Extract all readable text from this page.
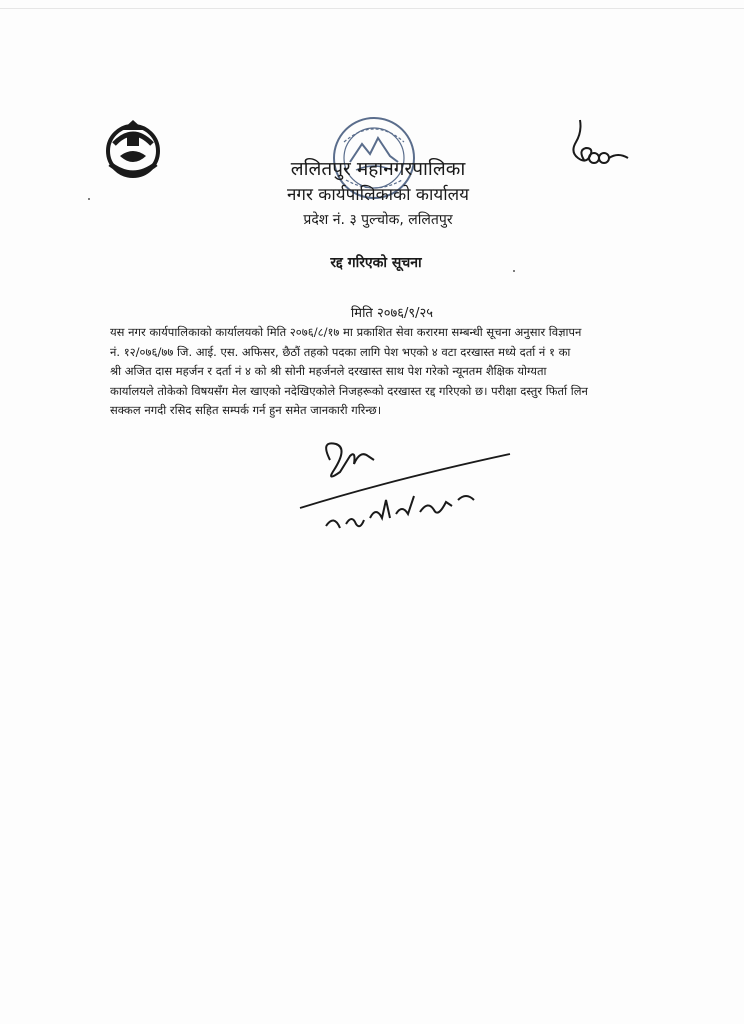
ललितपुर महानगरपालिका
नगर कार्यपालिकाको कार्यालय
प्रदेश नं. ३ पुल्चोक, ललितपुर
रद्द गरिएको सूचना
मिति २०७६/९/२५
यस नगर कार्यपालिकाको कार्यालयको मिति २०७६/८/१७ मा प्रकाशित सेवा करारमा सम्बन्धी सूचना अनुसार विज्ञापन
नं. १२/०७६/७७ जि. आई. एस. अफिसर, छैठौं तहको पदका लागि पेश भएको ४ वटा दरखास्त मध्ये दर्ता नं १ का
श्री अजित दास महर्जन र दर्ता नं ४ को श्री सोनी महर्जनले दरखास्त साथ पेश गरेको न्यूनतम शैक्षिक योग्यता
कार्यालयले तोकेको विषयसँग मेल खाएको नदेखिएकोले निजहरूको दरखास्त रद्द गरिएको छ। परीक्षा दस्तुर फिर्ता लिन
सक्कल नगदी रसिद सहित सम्पर्क गर्न हुन समेत जानकारी गरिन्छ।
